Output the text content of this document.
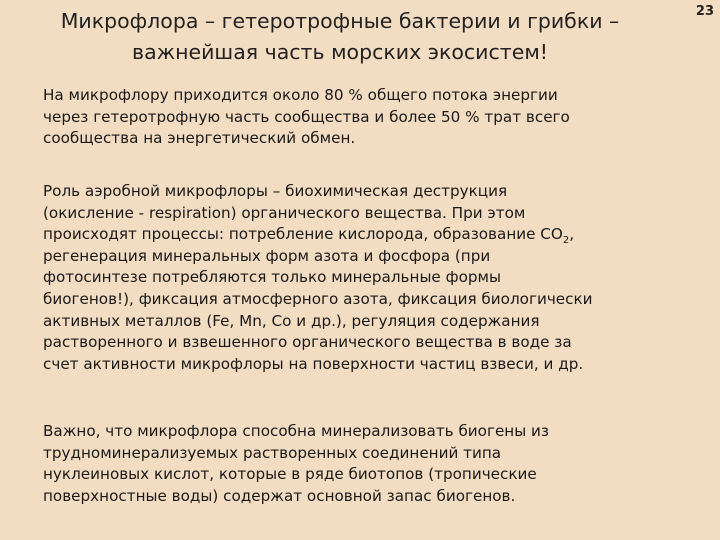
23
Микрофлора – гетеротрофные бактерии и грибки –
важнейшая часть морских экосистем!
На микрофлору приходится около 80 % общего потока энергии
через гетеротрофную часть сообщества и более 50 % трат всего
сообщества на энергетический обмен.
Роль аэробной микрофлоры – биохимическая деструкция
(окисление - respiration) органического вещества. При этом
происходят процессы: потребление кислорода, образование $СО_2$,
регенерация минеральных форм азота и фосфора (при
фотосинтезе потребляются только минеральные формы
биогенов!), фиксация атмосферного азота, фиксация биологически
активных металлов (Fe, Mn, Co и др.), регуляция содержания
растворенного и взвешенного органического вещества в воде за
счет активности микрофлоры на поверхности частиц взвеси, и др.
Важно, что микрофлора способна минерализовать биогены из
трудноминерализуемых растворенных соединений типа
нуклеиновых кислот, которые в ряде биотопов (тропические
поверхностные воды) содержат основной запас биогенов.
